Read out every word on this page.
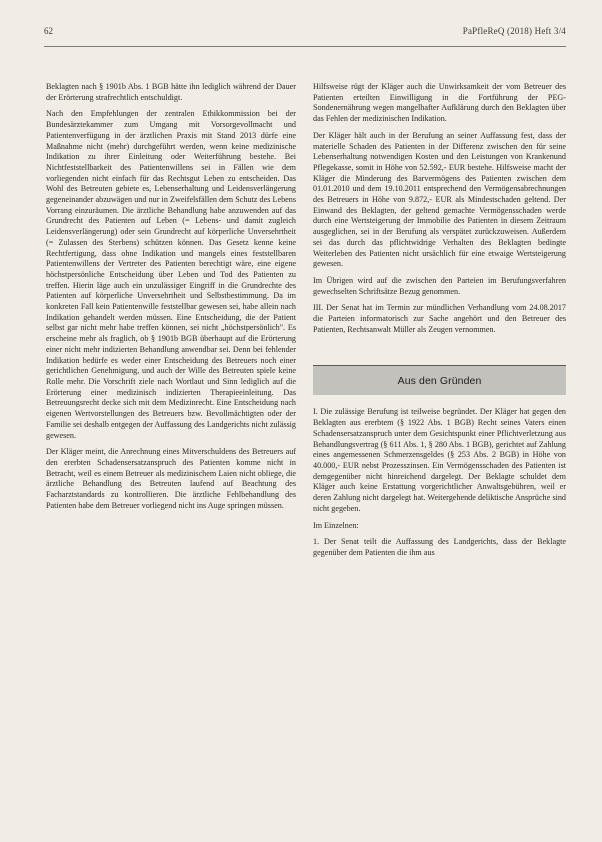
62	PaPfleReQ (2018) Heft 3/4

Beklagten nach § 1901b Abs. 1 BGB hätte ihn lediglich während der Dauer der Erörterung strafrechtlich entschuldigt.

Nach den Empfehlungen der zentralen Ethikkommission bei der Bundesärztekammer zum Umgang mit Vorsorgevollmacht und Patientenverfügung in der ärztlichen Praxis mit Stand 2013 dürfe eine Maßnahme nicht (mehr) durchgeführt werden, wenn keine medizinische Indikation zu ihrer Einleitung oder Weiterführung bestehe. Bei Nichtfeststellbarkeit des Patientenwillens sei in Fällen wie dem vorliegenden nicht einfach für das Rechtsgut Leben zu entscheiden. Das Wohl des Betreuten gebiete es, Lebenserhaltung und Leidensverlängerung gegeneinander abzuwägen und nur in Zweifelsfällen dem Schutz des Lebens Vorrang einzuräumen. Die ärztliche Behandlung habe anzuwenden auf das Grundrecht des Patienten auf Leben (= Lebens- und damit zugleich Leidensverlängerung) oder sein Grundrecht auf körperliche Unversehrtheit (= Zulassen des Sterbens) schützen können. Das Gesetz kenne keine Rechtfertigung, dass ohne Indikation und mangels eines feststellbaren Patientenwillens der Vertreter des Patienten berechtigt wäre, eine eigene höchstpersönliche Entscheidung über Leben und Tod des Patienten zu treffen. Hierin läge auch ein unzulässiger Eingriff in die Grundrechte des Patienten auf körperliche Unversehrtheit und Selbstbestimmung. Da im konkreten Fall kein Patientenwille feststellbar gewesen sei, habe allein nach Indikation gehandelt werden müssen. Eine Entscheidung, die der Patient selbst gar nicht mehr habe treffen können, sei nicht „höchstpersönlich". Es erscheine mehr als fraglich, ob § 1901b BGB überhaupt auf die Erörterung einer nicht mehr indizierten Behandlung anwendbar sei. Denn bei fehlender Indikation bedürfe es weder einer Entscheidung des Betreuers noch einer gerichtlichen Genehmigung, und auch der Wille des Betreuten spiele keine Rolle mehr. Die Vorschrift ziele nach Wortlaut und Sinn lediglich auf die Erörterung einer medizinisch indizierten Therapieeinleitung. Das Betreuungsrecht decke sich mit dem Medizinrecht. Eine Entscheidung nach eigenen Wertvorstellungen des Betreuers bzw. Bevollmächtigten oder der Familie sei deshalb entgegen der Auffassung des Landgerichts nicht zulässig gewesen.

Der Kläger meint, die Anrechnung eines Mitverschuldens des Betreuers auf den ererbten Schadensersatzanspruch des Patienten komme nicht in Betracht, weil es einem Betreuer als medizinischem Laien nicht obliege, die ärztliche Behandlung des Betreuten laufend auf Beachtung des Facharztstandards zu kontrollieren. Die ärztliche Fehlbehandlung des Patienten habe dem Betreuer vorliegend nicht ins Auge springen müssen.

Hilfsweise rügt der Kläger auch die Unwirksamkeit der vom Betreuer des Patienten erteilten Einwilligung in die Fortführung der PEG-Sondenernährung wegen mangelhafter Aufklärung durch den Beklagten über das Fehlen der medizinischen Indikation.

Der Kläger hält auch in der Berufung an seiner Auffassung fest, dass der materielle Schaden des Patienten in der Differenz zwischen den für seine Lebenserhaltung notwendigen Kosten und den Leistungen von Krankenund Pflegekasse, somit in Höhe von 52.592,- EUR bestehe. Hilfsweise macht der Kläger die Minderung des Barvermögens des Patienten zwischen dem 01.01.2010 und dem 19.10.2011 entsprechend den Vermögensabrechnungen des Betreuers in Höhe von 9.872,- EUR als Mindestschaden geltend. Der Einwand des Beklagten, der geltend gemachte Vermögensschaden werde durch eine Wertsteigerung der Immobilie des Patienten in diesem Zeitraum ausgeglichen, sei in der Berufung als verspätet zurückzuweisen. Außerdem sei das durch das pflichtwidrige Verhalten des Beklagten bedingte Weiterleben des Patienten nicht ursächlich für eine etwaige Wertsteigerung gewesen.

Im Übrigen wird auf die zwischen den Parteien im Berufungsverfahren gewechselten Schriftsätze Bezug genommen.

III. Der Senat hat im Termin zur mündlichen Verhandlung vom 24.08.2017 die Parteien informatorisch zur Sache angehört und den Betreuer des Patienten, Rechtsanwalt Müller als Zeugen vernommen.

Aus den Gründen

I. Die zulässige Berufung ist teilweise begründet. Der Kläger hat gegen den Beklagten aus ererbtem (§ 1922 Abs. 1 BGB) Recht seines Vaters einen Schadensersatzanspruch unter dem Gesichtspunkt einer Pflichtverletzung aus Behandlungsvertrag (§ 611 Abs. 1, § 280 Abs. 1 BGB), gerichtet auf Zahlung eines angemessenen Schmerzensgeldes (§ 253 Abs. 2 BGB) in Höhe von 40.000,- EUR nebst Prozesszinsen. Ein Vermögensschaden des Patienten ist demgegenüber nicht hinreichend dargelegt. Der Beklagte schuldet dem Kläger auch keine Erstattung vorgerichtlicher Anwaltsgebühren, weil er deren Zahlung nicht dargelegt hat. Weitergehende deliktische Ansprüche sind nicht gegeben.

Im Einzelnen:

1. Der Senat teilt die Auffassung des Landgerichts, dass der Beklagte gegenüber dem Patienten die ihm aus
